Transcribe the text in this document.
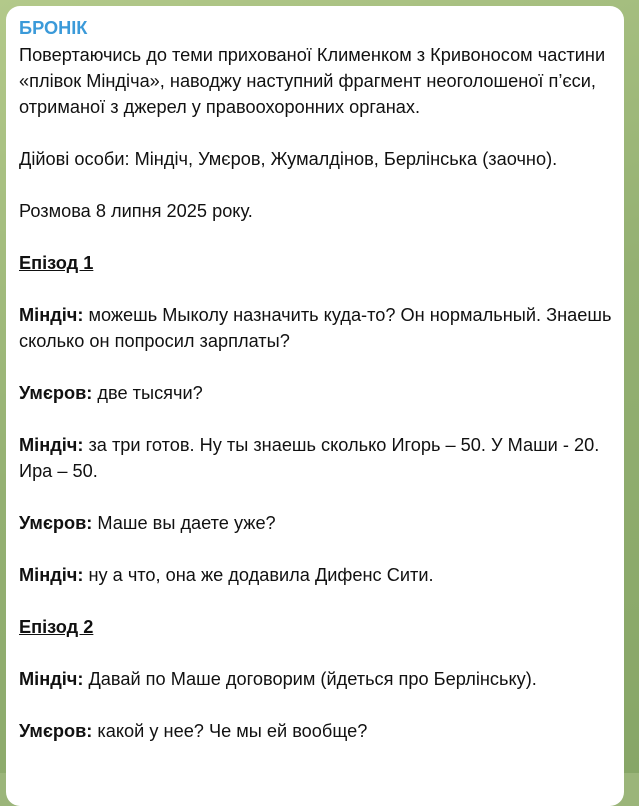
БРОНІК

Повертаючись до теми прихованої Клименком з Кривоносом частини «плівок Міндіча», наводжу наступний фрагмент неоголошеної п’єси, отриманої з джерел у правоохоронних органах.

Дійові особи: Міндіч, Умєров, Жумалдінов, Берлінська (заочно).

Розмова 8 липня 2025 року.

Епізод 1

Міндіч: можешь Мыколу назначить куда-то? Он нормальный. Знаешь сколько он попросил зарплаты?

Умєров: две тысячи?

Міндіч: за три готов. Ну ты знаешь сколько Игорь – 50. У Маши - 20. Ира – 50.

Умєров: Маше вы даете уже?

Міндіч: ну а что, она же додавила Дифенс Сити.

Епізод 2

Міндіч: Давай по Маше договорим (йдеться про Берлінську).

Умєров: какой у нее? Че мы ей вообще?
